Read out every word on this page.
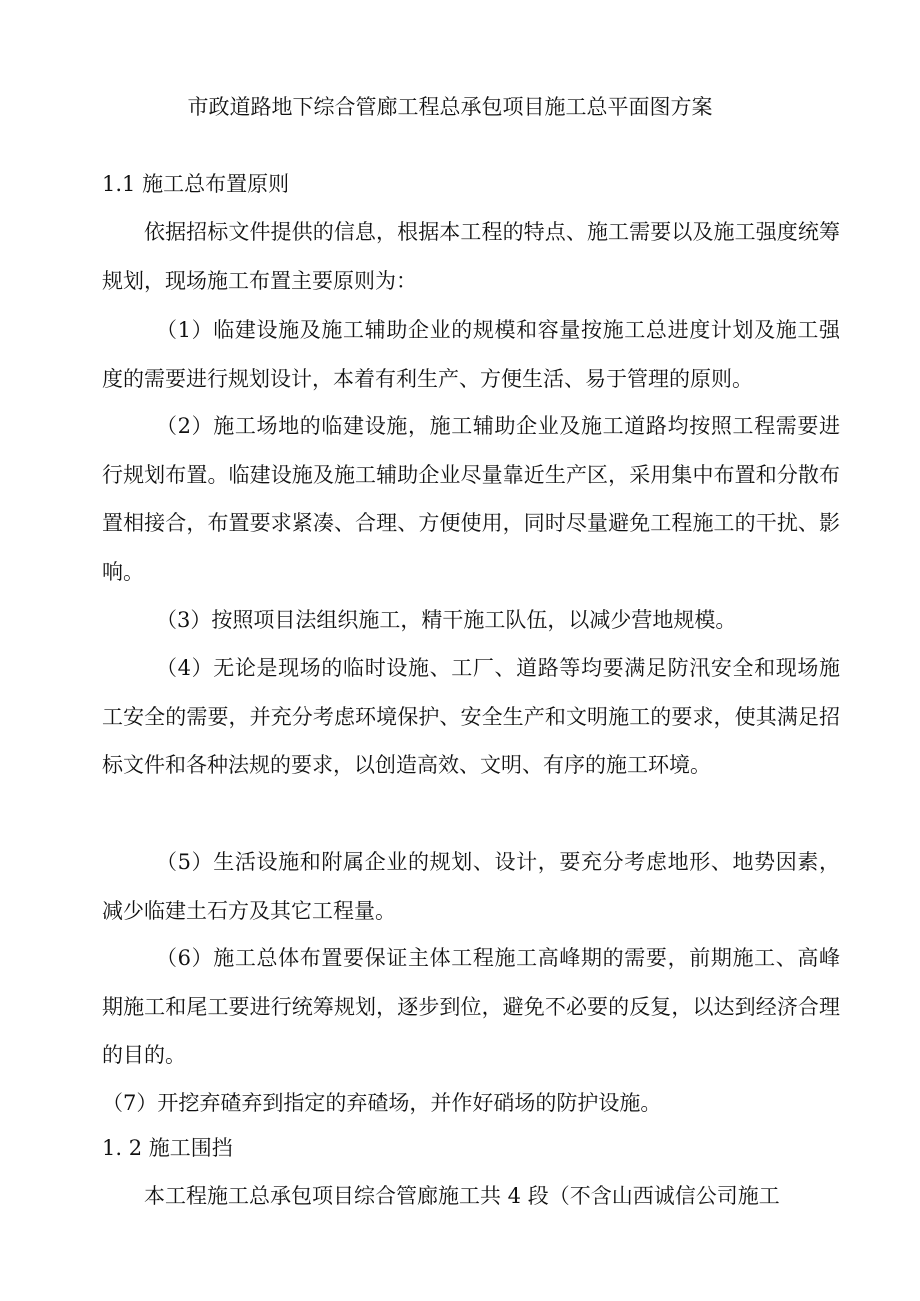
市政道路地下综合管廊工程总承包项目施工总平面图方案
1.1 施工总布置原则

依据招标文件提供的信息，根据本工程的特点、施工需要以及施工强度统筹规划，现场施工布置主要原则为：

（1）临建设施及施工辅助企业的规模和容量按施工总进度计划及施工强度的需要进行规划设计，本着有利生产、方便生活、易于管理的原则。

（2）施工场地的临建设施，施工辅助企业及施工道路均按照工程需要进行规划布置。临建设施及施工辅助企业尽量靠近生产区，采用集中布置和分散布置相接合，布置要求紧凑、合理、方便使用，同时尽量避免工程施工的干扰、影响。

（3）按照项目法组织施工，精干施工队伍，以减少营地规模。

（4）无论是现场的临时设施、工厂、道路等均要满足防汛安全和现场施工安全的需要，并充分考虑环境保护、安全生产和文明施工的要求，使其满足招标文件和各种法规的要求，以创造高效、文明、有序的施工环境。

（5）生活设施和附属企业的规划、设计，要充分考虑地形、地势因素，减少临建土石方及其它工程量。

（6）施工总体布置要保证主体工程施工高峰期的需要，前期施工、高峰期施工和尾工要进行统筹规划，逐步到位，避免不必要的反复，以达到经济合理的目的。

（7）开挖弃碴弃到指定的弃碴场，并作好硝场的防护设施。

1. 2 施工围挡

本工程施工总承包项目综合管廊施工共 4 段（不含山西诚信公司施工
